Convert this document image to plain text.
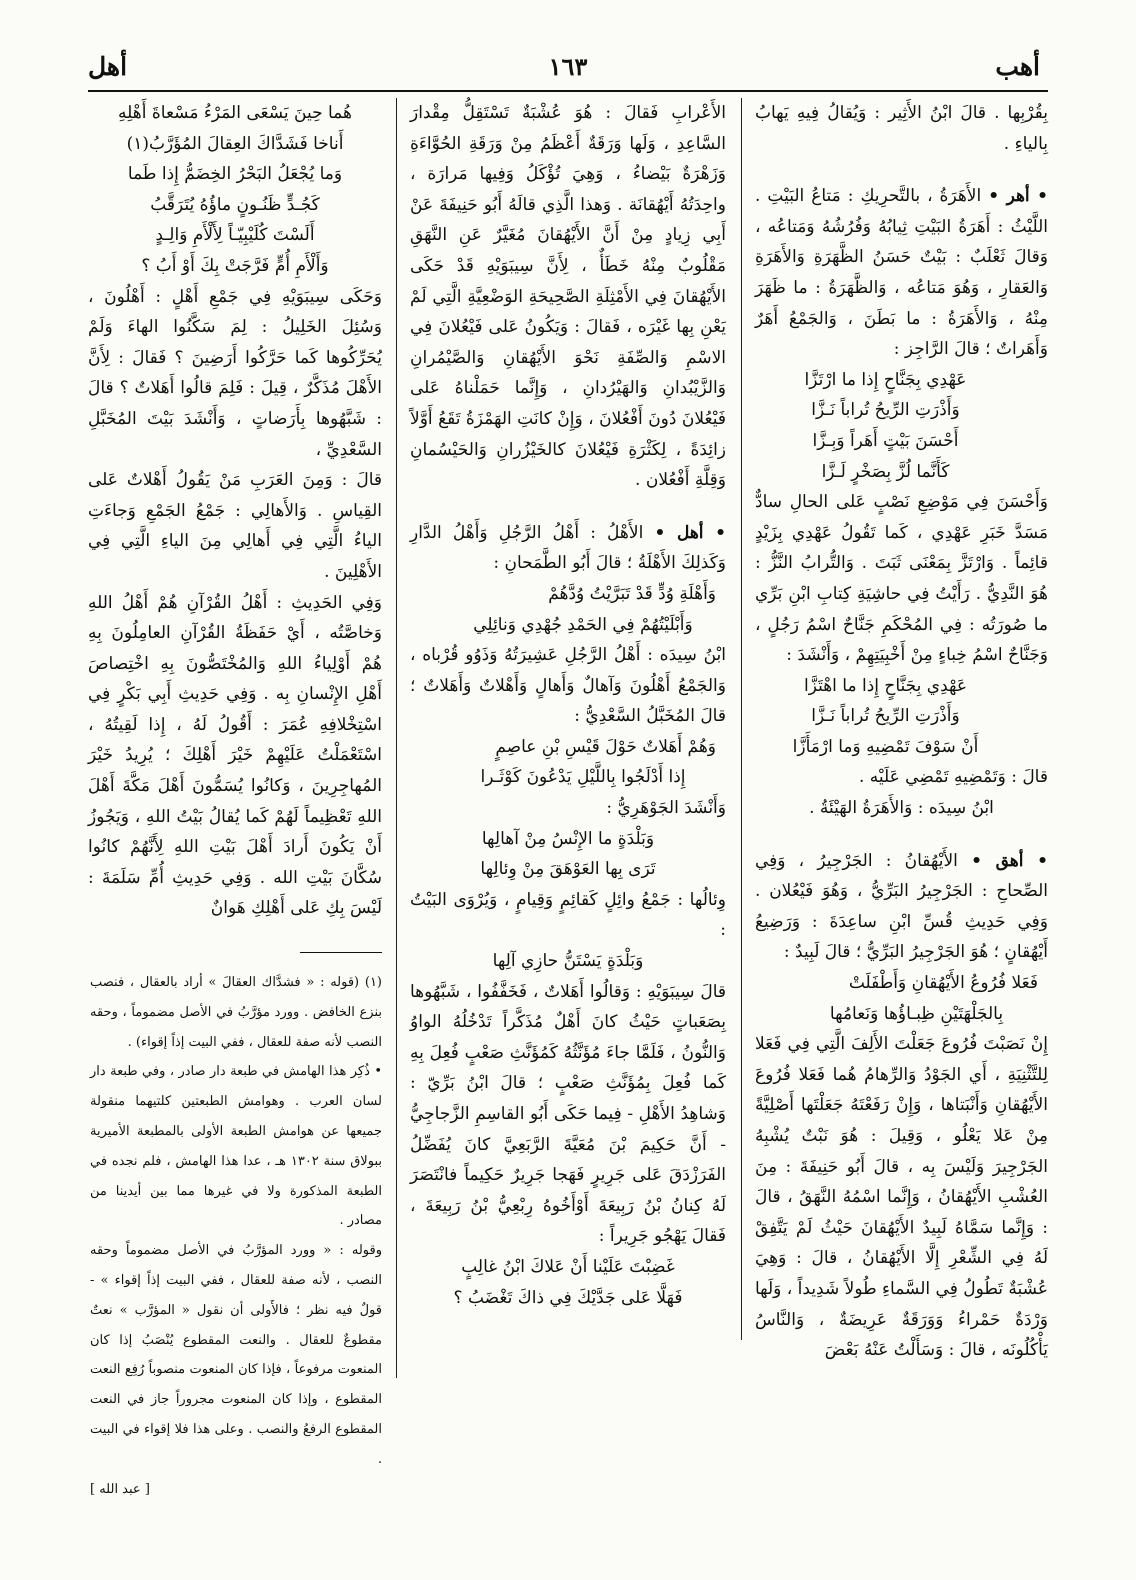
أهب
١٦٣
أهل

بِقُرْبِها . قالَ ابْنُ الأَثِير : وَيُقالُ فِيهِ يَهابُ بِالياءِ .

• أهر • الأَهَرَةُ ، بالتَّحرِيكِ : مَتاعُ البَيْتِ . اللَّيْثُ : أَهَرَةُ البَيْتِ ثِيابُهُ وَفُرُشُهُ وَمَتاعُه ، وَقالَ ثَعْلَبٌ : بَيْتٌ حَسَنُ الظَّهَرَةِ وَالأَهَرَةِ وَالعَقارِ ، وَهُوَ مَتاعُه ، وَالظَّهَرَةُ : ما ظَهَرَ مِنْهُ ، وَالأَهَرَةُ : ما بَطَنَ ، وَالجَمْعُ أَهَرٌ وَأَهَراتٌ ؛ قالَ الرَّاجِز :

عَهْدِي بِجَنَّاحٍ إِذا ما ارْتَزَّا

وَأَذْرَتِ الرِّيحُ تُراباً نَـزَّا

أَحْسَنَ بَيْتٍ أَهَراً وَبِـزَّا

كَأَنَّما لُزَّ بِصَخْرٍ لَـزَّا

وَأَحْسَنَ فِي مَوْضِعِ نَصْبٍ عَلى الحالِ سادٌّ مَسَدَّ خَبَرِ عَهْدِي ، كَما تَقُولُ عَهْدِي بِزَيْدٍ قائِماً . وَارْتَزَّ بِمَعْنَى ثَبَتَ . وَالتُّرابُ النَّزُّ : هُوَ النَّدِيُّ . رَأَيْتُ فِي حاشِيَةِ كِتابِ ابْنِ بَرِّي ما صُورَتُه : فِي المُحْكَمِ جَنَّاحٌ اسْمُ رَجُلٍ ، وَجَنَّاحٌ اسْمُ خِباءٍ مِنْ أَخْبِيَتِهِمْ ، وَأَنْشَدَ :

عَهْدِي بِجَنَّاحٍ إِذا ما اهْتَزَّا

وَأَذْرَتِ الرِّيحُ تُراباً نَـزَّا

أَنْ سَوْفَ تَمْضِيهِ وَما ارْمَأَزَّا

قالَ : وَتَمْضِيهِ تَمْضِي عَلَيْه .

ابْنُ سِيدَه : وَالأَهَرَةُ الهَيْئَةُ .

• أهق • الأَيْهُقانُ : الجَرْجِيرُ ، وَفِي الصِّحاحِ : الجَرْجِيرُ البَرِّيُّ ، وَهُوَ فَيْعُلان . وَفِي حَدِيثِ قُسِّ ابْنِ ساعِدَةَ : وَرَضِيعُ أَيْهُقانٍ ؛ هُوَ الجَرْجِيرُ البَرِّيُّ ؛ قالَ لَبِيدٌ :

فَعَلا فُرُوعُ الأَيْهُقانِ وَأَطْفَلَتْ

بِالجَلْهَتَيْنِ ظِبـاؤُها وَنَعامُها

إِنْ نَصَبْتَ فُرُوعَ جَعَلْتَ الأَلِفَ الَّتِي فِي فَعَلا لِلتَّثْنِيَةِ ، أَي الجَوْدُ وَالرِّهامُ هُما فَعَلا فُرُوعَ الأَيْهُقانِ وَأَنْبَتاها ، وَإِنْ رَفَعْتَهُ جَعَلْتَها أَصْلِيَّةً مِنْ عَلا يَعْلُو ، وَقِيلَ : هُوَ نَبْتٌ يُشْبِهُ الجَرْجِيرَ وَلَيْسَ بِه ، قالَ أَبُو حَنِيفَةَ : مِنَ العُشْبِ الأَيْهُقانُ ، وَإِنَّما اسْمُهُ النَّهَقُ ، قالَ : وَإِنَّما سَمَّاهُ لَبِيدٌ الأَيْهُقانَ حَيْثُ لَمْ يَتَّفِقْ لَهُ فِي الشِّعْرِ إِلَّا الأَيْهُقانُ ، قالَ : وَهِيَ عُشْبَةٌ تَطُولُ فِي السَّماءِ طُولاً شَدِيداً ، وَلَها وَرْدَةٌ حَمْراءُ وَوَرَقَةٌ عَرِيضَةٌ ، وَالنَّاسُ يَأْكُلُونَه ، قالَ : وَسَأَلْتُ عَنْهُ بَعْضَ

الأَعْرابِ فَقالَ : هُوَ عُشْبَةٌ تَسْتَقِلُّ مِقْدارَ السَّاعِدِ ، وَلَها وَرَقَةٌ أَعْظَمُ مِنْ وَرَقَةِ الحُوَّاءَةِ وَزَهْرَةٌ بَيْضاءُ ، وَهِيَ تُؤْكَلُ وَفِيها مَرارَة ، واحِدَتُهُ أَيْهُقانَة . وَهذا الَّذِي قالَهُ أَبُو حَنِيفَةَ عَنْ أَبِي زِيادٍ مِنْ أَنَّ الأَيْهُقانَ مُغَيَّرٌ عَنِ النَّهَقِ مَقْلُوبٌ مِنْهُ خَطَأٌ ، لِأَنَّ سِيبَوَيْهِ قَدْ حَكَى الأَيْهُقانَ فِي الأَمْثِلَةِ الصَّحِيحَةِ الوَضْعِيَّةِ الَّتِي لَمْ يَعْنِ بِها غَيْرَه ، فَقالَ : وَيَكُونُ عَلى فَيْعُلانَ فِي الاسْمِ وَالصِّفَةِ نَحْوَ الأَيْهُقانِ وَالصَّيْمُرانِ وَالزَّيْبُدانِ وَالهَيْرُدانِ ، وَإِنَّما حَمَلْناهُ عَلى فَيْعُلانَ دُونَ أَفْعُلانَ ، وَإِنْ كانَتِ الهَمْزَةُ تَقَعُ أَوَّلاً زائِدَةً ، لِكَثْرَةِ فَيْعُلانَ كالخَيْزُرانِ وَالحَيْسُمانِ وَقِلَّةِ أَفْعُلان .

• أهل • الأَهْلُ : أَهْلُ الرَّجُلِ وَأَهْلُ الدَّارِ وَكَذلِكَ الأَهْلَةُ ؛ قالَ أَبُو الطَّمَحانِ :

وَأَهْلَةِ وُدٍّ قَدْ تَبَرَّيْتُ وُدَّهُمْ

وَأَبْلَيْتُهُمْ فِي الحَمْدِ جُهْدِي وَنائِلِي

ابْنُ سِيدَه : أَهْلُ الرَّجُلِ عَشِيرَتُهُ وَذَوُو قُرْباه ، وَالجَمْعُ أَهْلُونَ وَآهالٌ وَأَهالٍ وَأَهْلاتٌ وَأَهَلاتٌ ؛ قالَ المُخَبَّلُ السَّعْدِيُّ :

وَهُمْ أَهَلاتٌ حَوْلَ قَيْسِ بْنِ عاصِمٍ

إِذا أَدْلَجُوا بِاللَّيْلِ يَدْعُونَ كَوْثَـرا

وَأَنْشَدَ الجَوْهَرِيُّ :

وَبَلْدَةٍ ما الإِنْسُ مِنْ آهالِها

تَرَى بِها العَوْهَقَ مِنْ وِئالِها

وِئالُها : جَمْعُ وائِلٍ كَقائِمٍ وَقِيامٍ ، وَيُرْوَى البَيْتُ :

وَبَلْدَةٍ يَسْتَنُّ حازِي آلِها

قالَ سِيبَوَيْهِ : وَقالُوا أَهَلاتٌ ، فَخَفَّفُوا ، شَبَّهُوها بِصَعَباتٍ حَيْثُ كانَ أَهْلٌ مُذَكَّراً تَدْخُلُهُ الواوُ وَالنُّونُ ، فَلَمَّا جاءَ مُؤَنَّثُهُ كَمُؤَنَّثِ صَعْبٍ فُعِلَ بِهِ كَما فُعِلَ بِمُؤَنَّثِ صَعْبٍ ؛ قالَ ابْنُ بَرِّيّ : وَشاهِدُ الأَهْلِ - فِيما حَكَى أَبُو القاسِمِ الزَّجاجِيُّ - أَنَّ حَكِيمَ بْنَ مُعَيَّةَ الرَّبَعِيَّ كانَ يُفَضِّلُ الفَرَزْدَقَ عَلى جَرِيرٍ فَهَجا جَرِيرٌ حَكِيماً فانْتَصَرَ لَهُ كِنانُ بْنُ رَبِيعَةَ أَوْأَخُوهُ رِبْعِيُّ بْنُ رَبِيعَةَ ، فَقالَ يَهْجُو جَرِيراً :

غَضِبْتَ عَلَيْنا أَنْ عَلاكَ ابْنُ غالِبٍ

فَهَلَّا عَلى جَدَّيْكَ فِي ذاكَ تَغْضَبُ ؟

هُما حِينَ يَسْعَى المَرْءُ مَسْعاةَ أَهْلِهِ

أَناخا فَشَدَّاكَ العِقالَ المُؤَرَّبُ(١)

وَما يُجْعَلُ البَحْرُ الخِضَمُّ إِذا طَما

كَجُـدٍّ ظَنُـونٍ ماؤُهُ يُتَرَقَّبُ

أَلَسْتَ كُلَيْبِيّـاً لِأَلْأَمِ وَالِـدٍ

وَأَلْأَمِ أُمٍّ فَرَّجَتْ بِكَ أَوْ أَبُ ؟

وَحَكَى سِيبَوَيْهِ فِي جَمْعِ أَهْلٍ : أَهْلُونَ ، وَسُئِلَ الخَلِيلُ : لِمَ سَكَّنُوا الهاءَ وَلَمْ يُحَرِّكُوها كَما حَرَّكُوا أَرَضِينَ ؟ فَقالَ : لِأَنَّ الأَهْلَ مُذَكَّرٌ ، قِيلَ : فَلِمَ قالُوا أَهَلاتٌ ؟ قالَ : شَبَّهُوها بِأَرَضاتٍ ، وَأَنْشَدَ بَيْتَ المُخَبَّلِ السَّعْدِيِّ ،

قالَ : وَمِنَ العَرَبِ مَنْ يَقُولُ أَهْلاتٌ عَلى القِياسِ . وَالأَهالِي : جَمْعُ الجَمْعِ وَجاءَتِ الياءُ الَّتِي فِي أَهالِي مِنَ الياءِ الَّتِي فِي الأَهْلِينَ .

وَفِي الحَدِيثِ : أَهْلُ القُرْآنِ هُمْ أَهْلُ اللهِ وَخاصَّتُه ، أَيْ حَفَظَةُ القُرْآنِ العامِلُونَ بِهِ هُمْ أَوْلِياءُ اللهِ وَالمُخْتَصُّونَ بِهِ اخْتِصاصَ أَهْلِ الإِنْسانِ بِه . وَفِي حَدِيثِ أَبِي بَكْرٍ فِي اسْتِخْلافِهِ عُمَرَ : أَقُولُ لَهُ ، إِذا لَقِيتُهُ ، اسْتَعْمَلْتُ عَلَيْهِمْ خَيْرَ أَهْلِكَ ؛ يُرِيدُ خَيْرَ المُهاجِرِينَ ، وَكانُوا يُسَمُّونَ أَهْلَ مَكَّةَ أَهْلَ اللهِ تَعْظِيماً لَهُمْ كَما يُقالُ بَيْتُ اللهِ ، وَيَجُوزُ أَنْ يَكُونَ أَرادَ أَهْلَ بَيْتِ اللهِ لِأَنَّهُمْ كانُوا سُكَّانَ بَيْتِ الله . وَفِي حَدِيثِ أُمِّ سَلَمَةَ : لَيْسَ بِكِ عَلى أَهْلِكِ هَوانٌ

(١) (قوله : « فشدَّاك العقالَ » أراد بالعقال ، فنصب بنزع الخافض . وورد مؤرَّبُ في الأصل مضموماً ، وحقه النصب لأنه صفة للعقال ، ففي البيت إذاً إقواء) .

• ذُكِر هذا الهامش في طبعة دار صادر ، وفي طبعة دار لسان العرب . وهوامش الطبعتين كلتيهما منقولة جميعها عن هوامش الطبعة الأولى بالمطبعة الأميرية ببولاق سنة ١٣٠٢ هـ ، عدا هذا الهامش ، فلم نجده في الطبعة المذكورة ولا في غيرها مما بين أيدينا من مصادر .

وقوله : « وورد المؤرَّبُ في الأصل مضموماً وحقه النصب ، لأنه صفة للعقال ، ففي البيت إذاً إقواء » - قولٌ فيه نظر ؛ فالأَولى أن نقول « المؤرَّب » نعتٌ مقطوعٌ للعقال . والنعت المقطوع يُنْصَبُ إذا كان المنعوت مرفوعاً ، فإذا كان المنعوت منصوباً رُفِع النعت المقطوع ، وإذا كان المنعوت مجروراً جاز في النعت المقطوع الرفعُ والنصب . وعلى هذا فلا إقواء في البيت .

[ عبد الله ]
